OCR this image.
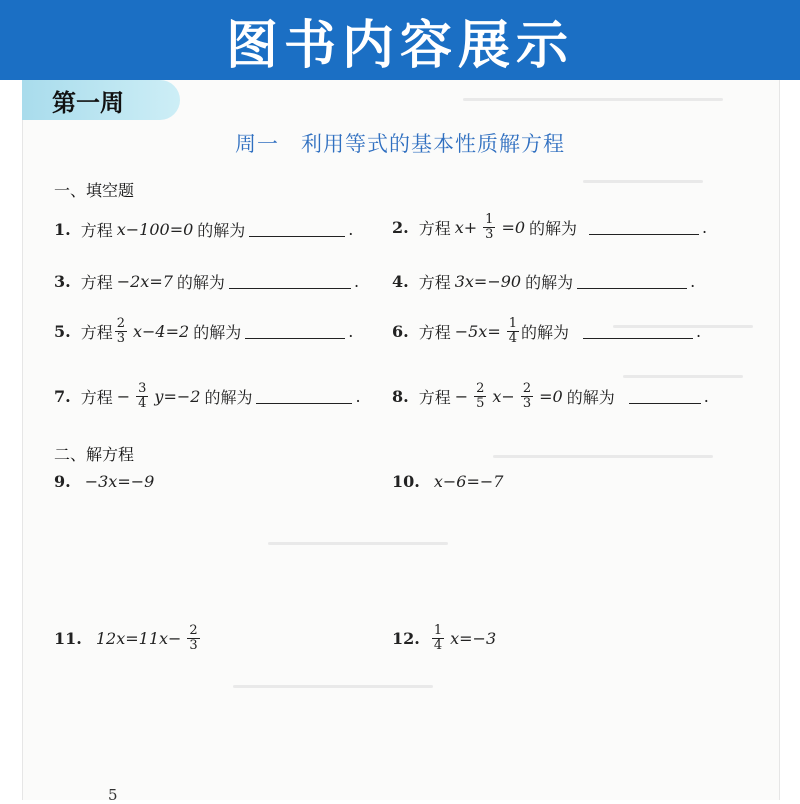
图书内容展示
第一周
周一　利用等式的基本性质解方程
一、填空题
1. 方程 x−100=0 的解为	. 2. 方程 $x+ \frac{1}{3} =0$ 的解为	.
3. 方程 −2x=7 的解为	. 4. 方程 3x=−90 的解为	.
5. 方程 $\frac{2}{3} x-4=2$ 的解为	. 6. 方程 $-5x= \frac{1}{4}$ 的解为	.
7. 方程 − $\frac{3}{4} y=-2$ 的解为	. 8. 方程 − $\frac{2}{5} x- \frac{2}{3} =0$ 的解为	.
二、解方程
9. −3x=−9	10. x−6=−7
11. $12x=11x- \frac{2}{3}$	12. $\frac{1}{4} x=-3$
5
